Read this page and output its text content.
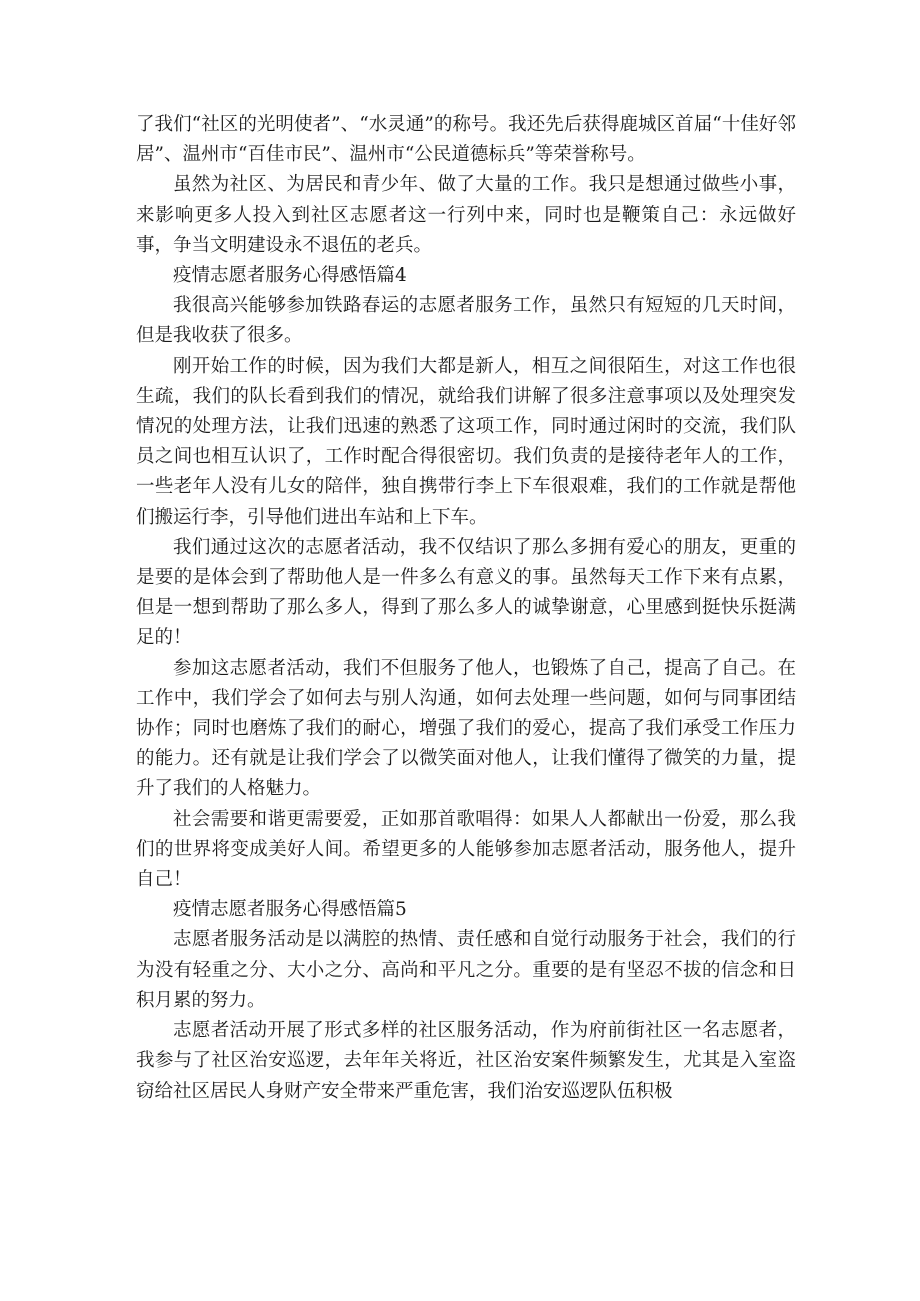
了我们“社区的光明使者”、“水灵通”的称号。我还先后获得鹿城区首届“十佳好邻居”、温州市“百佳市民”、温州市“公民道德标兵”等荣誉称号。

虽然为社区、为居民和青少年、做了大量的工作。我只是想通过做些小事，来影响更多人投入到社区志愿者这一行列中来，同时也是鞭策自己：永远做好事，争当文明建设永不退伍的老兵。

疫情志愿者服务心得感悟篇4

我很高兴能够参加铁路春运的志愿者服务工作，虽然只有短短的几天时间，但是我收获了很多。

刚开始工作的时候，因为我们大都是新人，相互之间很陌生，对这工作也很生疏，我们的队长看到我们的情况，就给我们讲解了很多注意事项以及处理突发情况的处理方法，让我们迅速的熟悉了这项工作，同时通过闲时的交流，我们队员之间也相互认识了，工作时配合得很密切。我们负责的是接待老年人的工作，一些老年人没有儿女的陪伴，独自携带行李上下车很艰难，我们的工作就是帮他们搬运行李，引导他们进出车站和上下车。

我们通过这次的志愿者活动，我不仅结识了那么多拥有爱心的朋友，更重的是要的是体会到了帮助他人是一件多么有意义的事。虽然每天工作下来有点累，但是一想到帮助了那么多人，得到了那么多人的诚挚谢意，心里感到挺快乐挺满足的！

参加这志愿者活动，我们不但服务了他人，也锻炼了自己，提高了自己。在工作中，我们学会了如何去与别人沟通，如何去处理一些问题，如何与同事团结协作；同时也磨炼了我们的耐心，增强了我们的爱心，提高了我们承受工作压力的能力。还有就是让我们学会了以微笑面对他人，让我们懂得了微笑的力量，提升了我们的人格魅力。

社会需要和谐更需要爱，正如那首歌唱得：如果人人都献出一份爱，那么我们的世界将变成美好人间。希望更多的人能够参加志愿者活动，服务他人，提升自己！

疫情志愿者服务心得感悟篇5

志愿者服务活动是以满腔的热情、责任感和自觉行动服务于社会，我们的行为没有轻重之分、大小之分、高尚和平凡之分。重要的是有坚忍不拔的信念和日积月累的努力。

志愿者活动开展了形式多样的社区服务活动，作为府前街社区一名志愿者，我参与了社区治安巡逻，去年年关将近，社区治安案件频繁发生，尤其是入室盗窃给社区居民人身财产安全带来严重危害，我们治安巡逻队伍积极
